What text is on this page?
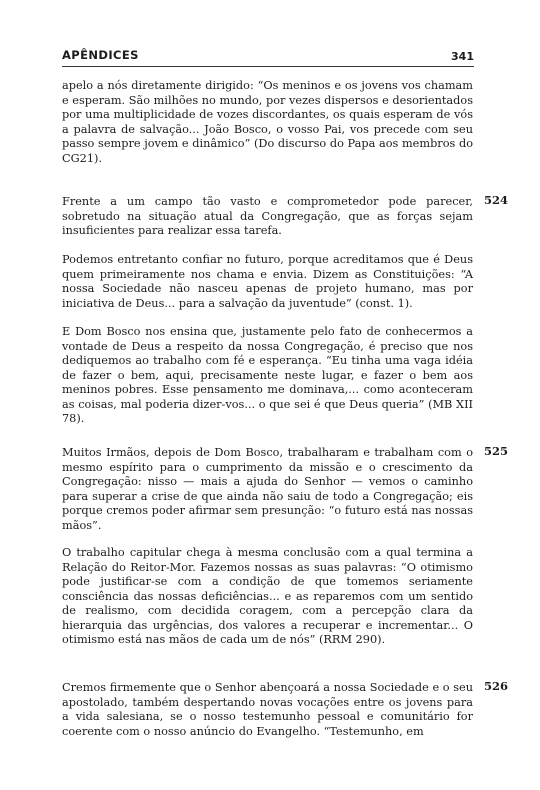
APÊNDICES	341

apelo a nós diretamente dirigido: “Os meninos e os jovens vos chamam e esperam. São milhões no mundo, por vezes dispersos e desorientados por uma multiplicidade de vozes discordantes, os quais esperam de vós a palavra de salvação... João Bosco, o vosso Pai, vos precede com seu passo sempre jovem e dinâmico” (Do discurso do Papa aos membros do CG21).

524

Frente a um campo tão vasto e comprometedor pode parecer, sobretudo na situação atual da Congregação, que as forças sejam insuficientes para realizar essa tarefa.

Podemos entretanto confiar no futuro, porque acreditamos que é Deus quem primeiramente nos chama e envia. Dizem as Constituições: “A nossa Sociedade não nasceu apenas de projeto humano, mas por iniciativa de Deus... para a salvação da juventude” (const. 1).

E Dom Bosco nos ensina que, justamente pelo fato de conhecermos a vontade de Deus a respeito da nossa Congregação, é preciso que nos dediquemos ao trabalho com fé e esperança. “Eu tinha uma vaga idéia de fazer o bem, aqui, precisamente neste lugar, e fazer o bem aos meninos pobres. Esse pensamento me dominava,... como aconteceram as coisas, mal poderia dizer-vos... o que sei é que Deus queria” (MB XII 78).

525

Muitos Irmãos, depois de Dom Bosco, trabalharam e trabalham com o mesmo espírito para o cumprimento da missão e o crescimento da Congregação: nisso — mais a ajuda do Senhor — vemos o caminho para superar a crise de que ainda não saiu de todo a Congregação; eis porque cremos poder afirmar sem presunção: “o futuro está nas nossas mãos”.

O trabalho capitular chega à mesma conclusão com a qual termina a Relação do Reitor-Mor. Fazemos nossas as suas palavras: “O otimismo pode justificar-se com a condição de que tomemos seriamente consciência das nossas deficiências... e as reparemos com um sentido de realismo, com decidida coragem, com a percepção clara da hierarquia das urgências, dos valores a recuperar e incrementar... O otimismo está nas mãos de cada um de nós” (RRM 290).

526

Cremos firmemente que o Senhor abençoará a nossa Sociedade e o seu apostolado, também despertando novas vocações entre os jovens para a vida salesiana, se o nosso testemunho pessoal e comunitário for coerente com o nosso anúncio do Evangelho. “Testemunho, em
